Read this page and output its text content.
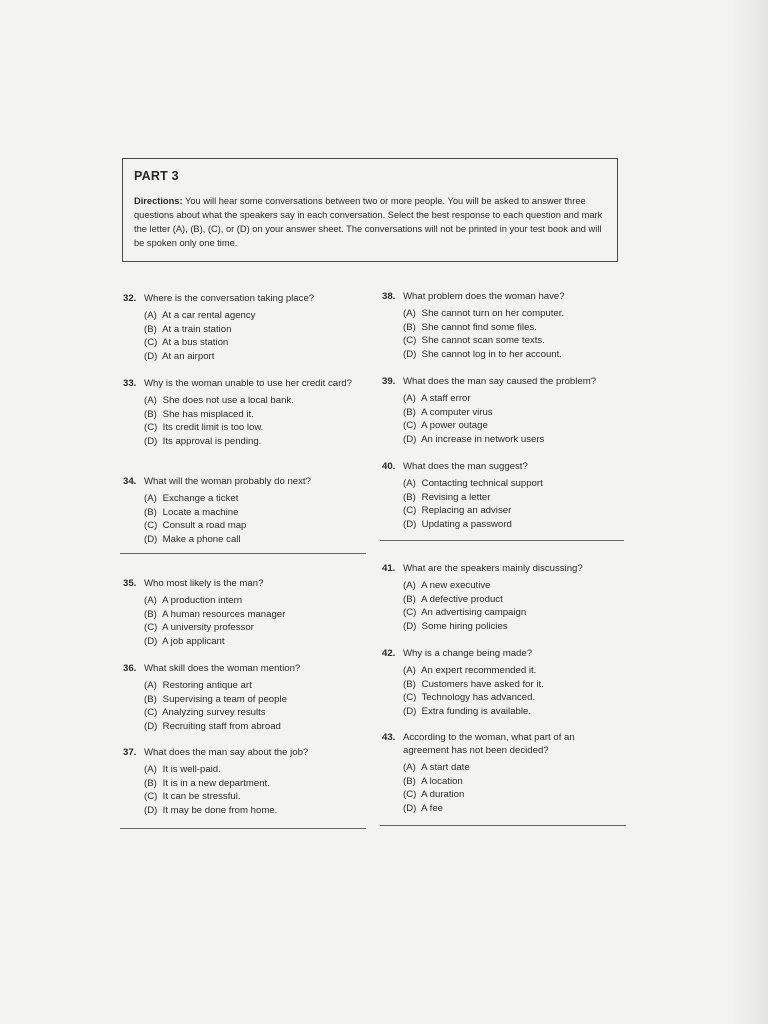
PART 3

Directions: You will hear some conversations between two or more people. You will be asked to answer three questions about what the speakers say in each conversation. Select the best response to each question and mark the letter (A), (B), (C), or (D) on your answer sheet. The conversations will not be printed in your test book and will be spoken only one time.

32. Where is the conversation taking place?
(A) At a car rental agency
(B) At a train station
(C) At a bus station
(D) At an airport
33. Why is the woman unable to use her credit card?
(A) She does not use a local bank.
(B) She has misplaced it.
(C) Its credit limit is too low.
(D) Its approval is pending.
34. What will the woman probably do next?
(A) Exchange a ticket
(B) Locate a machine
(C) Consult a road map
(D) Make a phone call
35. Who most likely is the man?
(A) A production intern
(B) A human resources manager
(C) A university professor
(D) A job applicant
36. What skill does the woman mention?
(A) Restoring antique art
(B) Supervising a team of people
(C) Analyzing survey results
(D) Recruiting staff from abroad
37. What does the man say about the job?
(A) It is well-paid.
(B) It is in a new department.
(C) It can be stressful.
(D) It may be done from home.
38. What problem does the woman have?
(A) She cannot turn on her computer.
(B) She cannot find some files.
(C) She cannot scan some texts.
(D) She cannot log in to her account.
39. What does the man say caused the problem?
(A) A staff error
(B) A computer virus
(C) A power outage
(D) An increase in network users
40. What does the man suggest?
(A) Contacting technical support
(B) Revising a letter
(C) Replacing an adviser
(D) Updating a password
41. What are the speakers mainly discussing?
(A) A new executive
(B) A defective product
(C) An advertising campaign
(D) Some hiring policies
42. Why is a change being made?
(A) An expert recommended it.
(B) Customers have asked for it.
(C) Technology has advanced.
(D) Extra funding is available.
43. According to the woman, what part of an agreement has not been decided?
(A) A start date
(B) A location
(C) A duration
(D) A fee
